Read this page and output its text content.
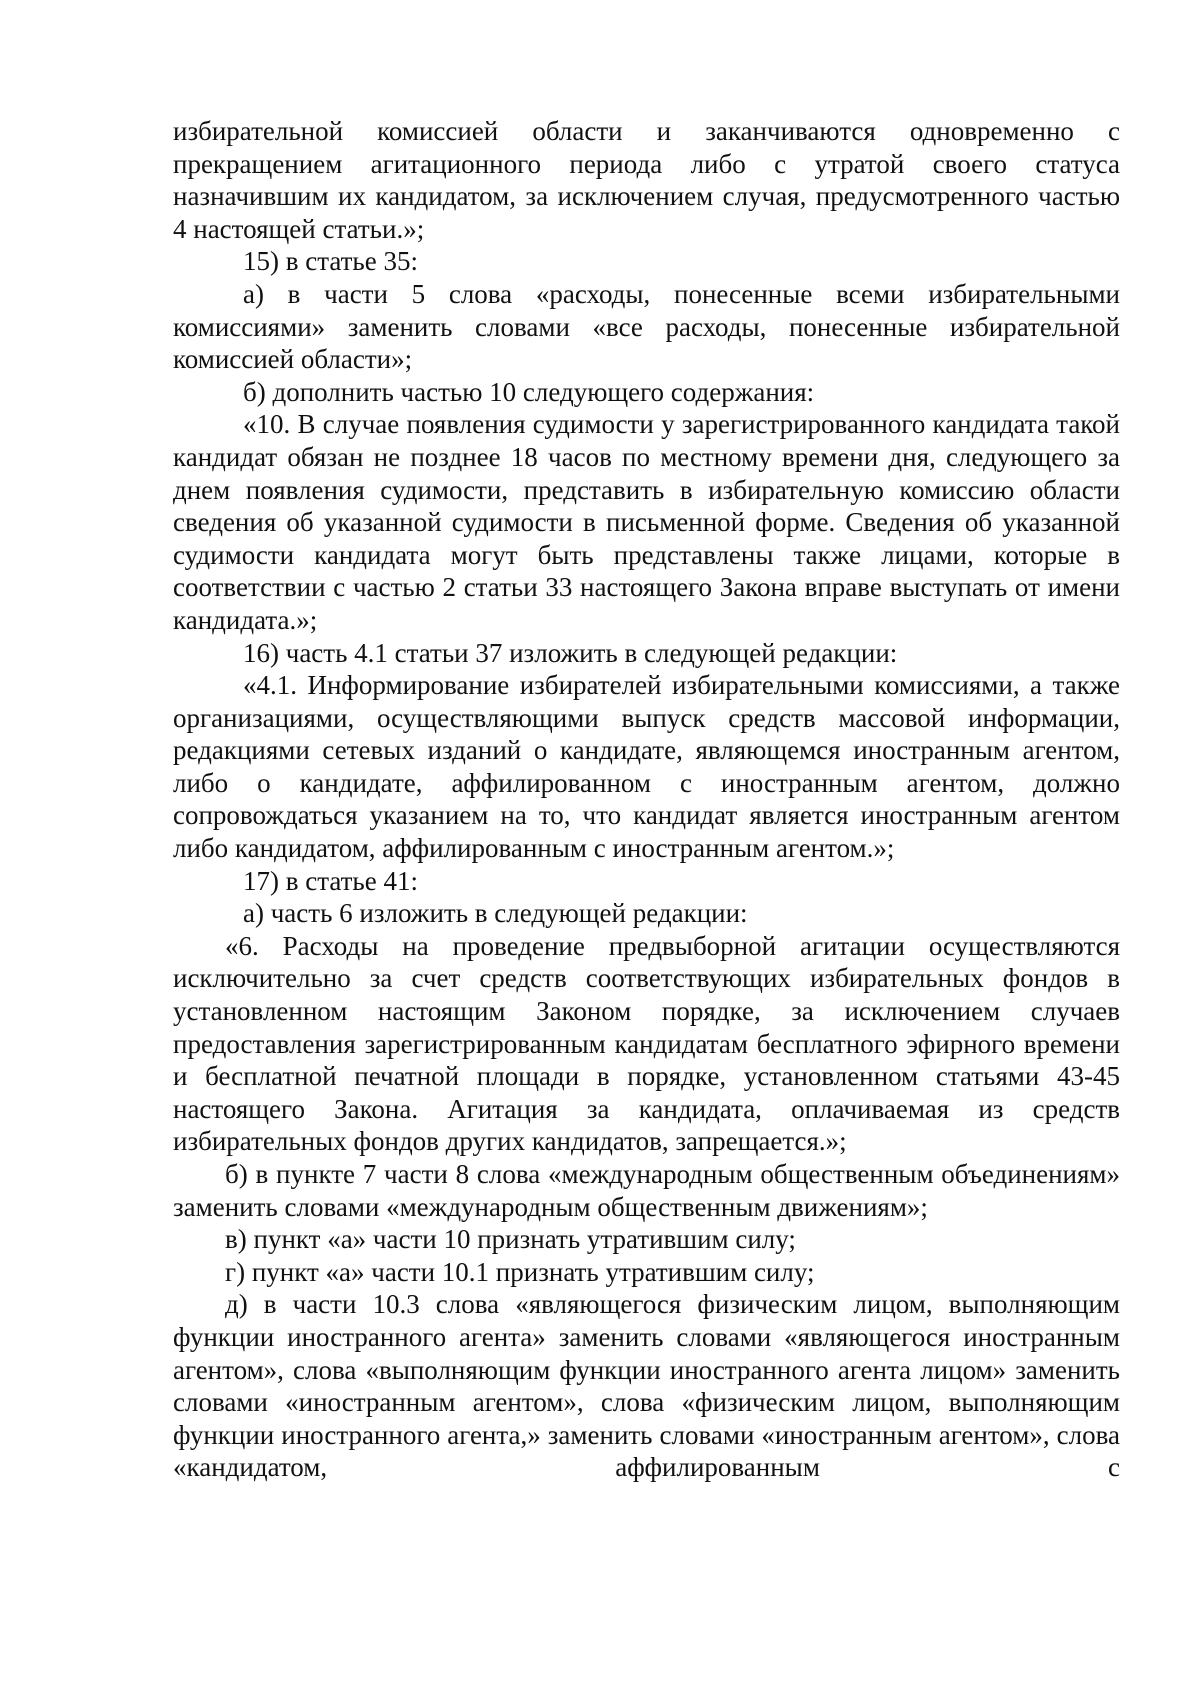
избирательной комиссией области и заканчиваются одновременно с прекращением агитационного периода либо с утратой своего статуса назначившим их кандидатом, за исключением случая, предусмотренного частью 4 настоящей статьи.»;

15) в статье 35:

а) в части 5 слова «расходы, понесенные всеми избирательными комиссиями» заменить словами «все расходы, понесенные избирательной комиссией области»;

б) дополнить частью 10 следующего содержания:

«10. В случае появления судимости у зарегистрированного кандидата такой кандидат обязан не позднее 18 часов по местному времени дня, следующего за днем появления судимости, представить в избирательную комиссию области сведения об указанной судимости в письменной форме. Сведения об указанной судимости кандидата могут быть представлены также лицами, которые в соответствии с частью 2 статьи 33 настоящего Закона вправе выступать от имени кандидата.»;

16) часть 4.1 статьи 37 изложить в следующей редакции:

«4.1. Информирование избирателей избирательными комиссиями, а также организациями, осуществляющими выпуск средств массовой информации, редакциями сетевых изданий о кандидате, являющемся иностранным агентом, либо о кандидате, аффилированном с иностранным агентом, должно сопровождаться указанием на то, что кандидат является иностранным агентом либо кандидатом, аффилированным с иностранным агентом.»;

17) в статье 41:

а) часть 6 изложить в следующей редакции:

«6. Расходы на проведение предвыборной агитации осуществляются исключительно за счет средств соответствующих избирательных фондов в установленном настоящим Законом порядке, за исключением случаев предоставления зарегистрированным кандидатам бесплатного эфирного времени и бесплатной печатной площади в порядке, установленном статьями 43-45 настоящего Закона. Агитация за кандидата, оплачиваемая из средств избирательных фондов других кандидатов, запрещается.»;

б) в пункте 7 части 8 слова «международным общественным объединениям» заменить словами «международным общественным движениям»;

в) пункт «а» части 10 признать утратившим силу;

г) пункт «а» части 10.1 признать утратившим силу;

д) в части 10.3 слова «являющегося физическим лицом, выполняющим функции иностранного агента» заменить словами «являющегося иностранным агентом», слова «выполняющим функции иностранного агента лицом» заменить словами «иностранным агентом», слова «физическим лицом, выполняющим функции иностранного агента,» заменить словами «иностранным агентом», слова «кандидатом, аффилированным с
